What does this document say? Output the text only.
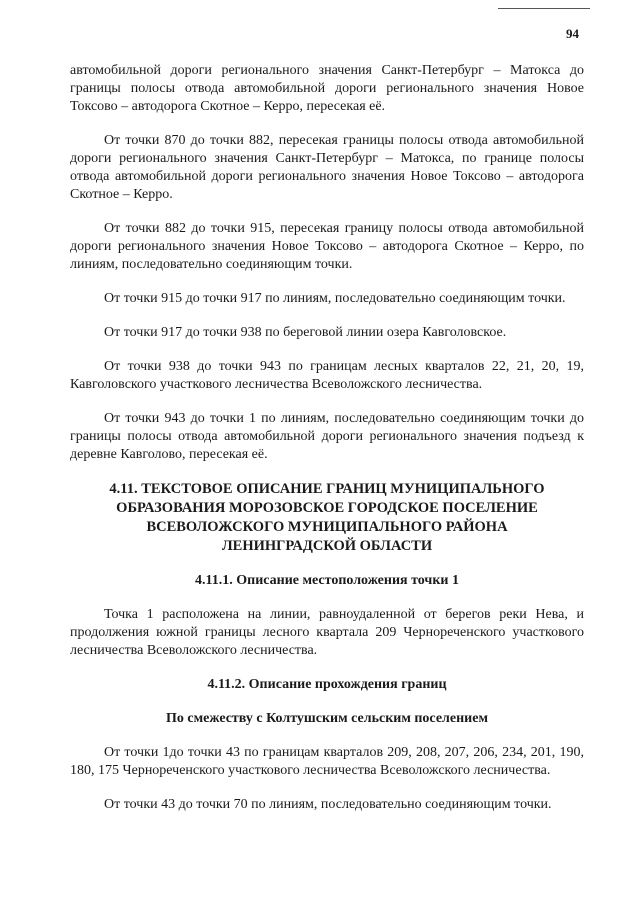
94

автомобильной дороги регионального значения Санкт-Петербург – Матокса до границы полосы отвода автомобильной дороги регионального значения Новое Токсово – автодорога Скотное – Керро, пересекая её.

От точки 870 до точки 882, пересекая границы полосы отвода автомобильной дороги регионального значения Санкт-Петербург – Матокса, по границе полосы отвода автомобильной дороги регионального значения Новое Токсово – автодорога Скотное – Керро.

От точки 882 до точки 915, пересекая границу полосы отвода автомобильной дороги регионального значения Новое Токсово – автодорога Скотное – Керро, по линиям, последовательно соединяющим точки.

От точки 915 до точки 917 по линиям, последовательно соединяющим точки.

От точки 917 до точки 938 по береговой линии озера Кавголовское.

От точки 938 до точки 943 по границам лесных кварталов 22, 21, 20, 19, Кавголовского участкового лесничества Всеволожского лесничества.

От точки 943 до точки 1 по линиям, последовательно соединяющим точки до границы полосы отвода автомобильной дороги регионального значения подъезд к деревне Кавголово, пересекая её.

4.11. ТЕКСТОВОЕ ОПИСАНИЕ ГРАНИЦ МУНИЦИПАЛЬНОГО ОБРАЗОВАНИЯ МОРОЗОВСКОЕ ГОРОДСКОЕ ПОСЕЛЕНИЕ ВСЕВОЛОЖСКОГО МУНИЦИПАЛЬНОГО РАЙОНА ЛЕНИНГРАДСКОЙ ОБЛАСТИ

4.11.1. Описание местоположения точки 1

Точка 1 расположена на линии, равноудаленной от берегов реки Нева, и продолжения южной границы лесного квартала 209 Чернореченского участкового лесничества Всеволожского лесничества.

4.11.2. Описание прохождения границ

По смежеству с Колтушским сельским поселением

От точки 1до точки 43 по границам кварталов 209, 208, 207, 206, 234, 201, 190, 180, 175 Чернореченского участкового лесничества Всеволожского лесничества.

От точки 43 до точки 70 по линиям, последовательно соединяющим точки.
